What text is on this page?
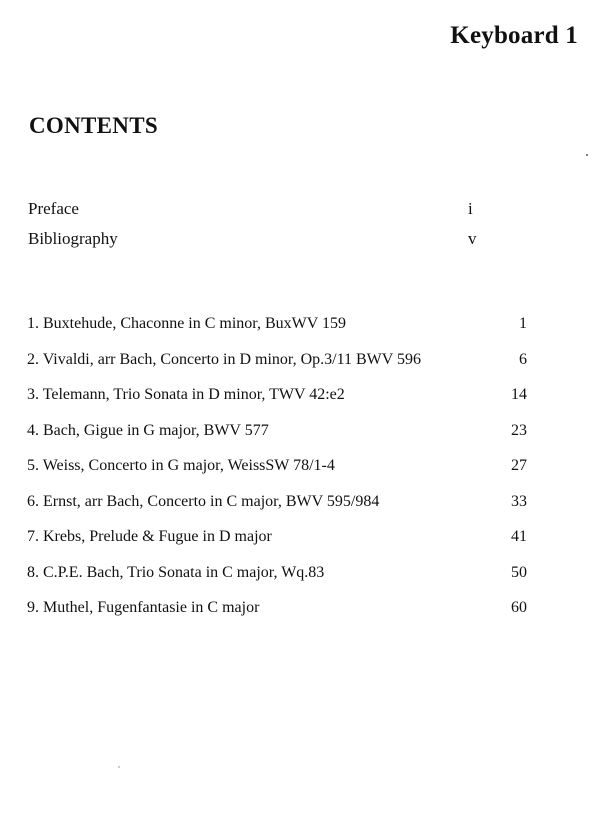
Keyboard 1
CONTENTS
Preface	i
Bibliography	v
1. Buxtehude, Chaconne in C minor, BuxWV 159	1
2. Vivaldi, arr Bach, Concerto in D minor, Op.3/11 BWV 596	6
3. Telemann, Trio Sonata in D minor, TWV 42:e2	14
4. Bach, Gigue in G major, BWV 577	23
5. Weiss, Concerto in G major, WeissSW 78/1-4	27
6. Ernst, arr Bach, Concerto in C major, BWV 595/984	33
7. Krebs, Prelude & Fugue in D major	41
8. C.P.E. Bach, Trio Sonata in C major, Wq.83	50
9. Muthel, Fugenfantasie in C major	60
